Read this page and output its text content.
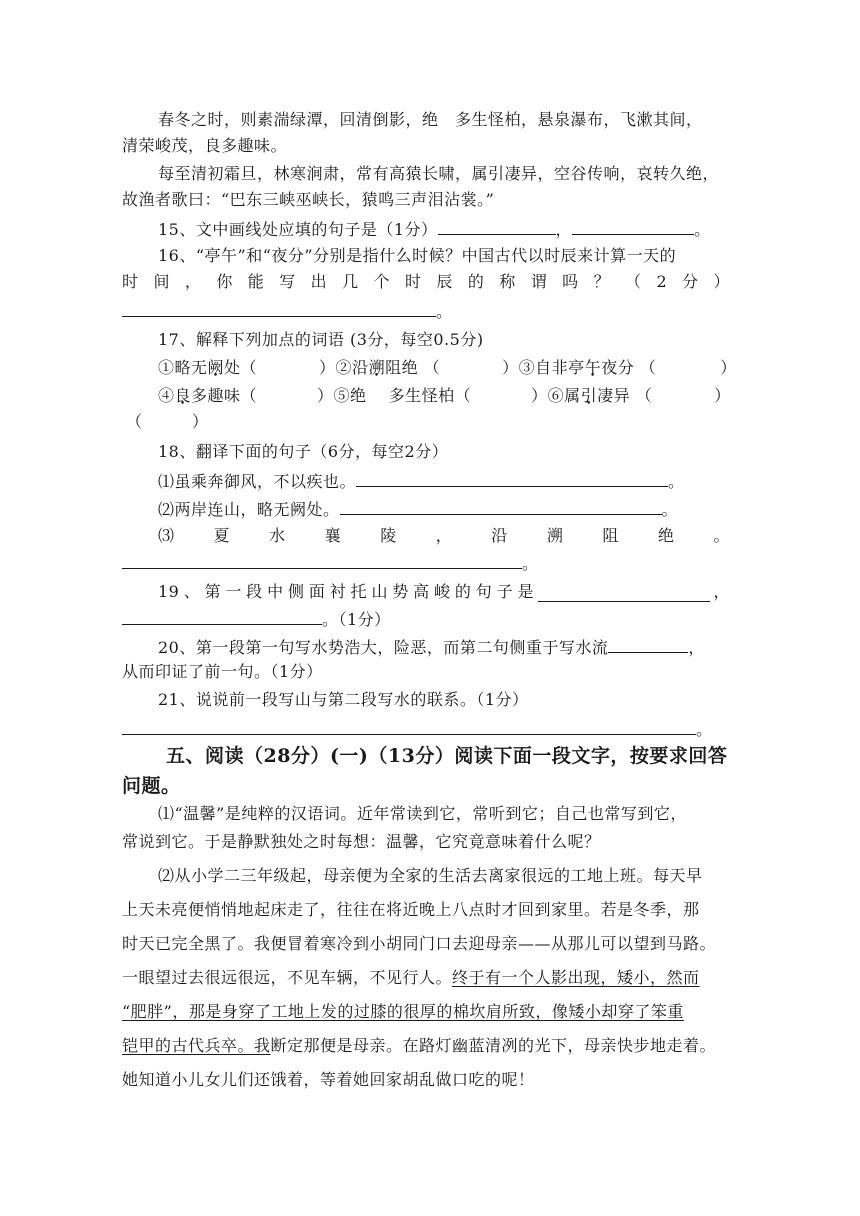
春冬之时，则素湍绿潭，回清倒影，绝　多生怪柏，悬泉瀑布，飞漱其间，
清荣峻茂，良多趣味。
每至清初霜旦，林寒涧肃，常有高猿长啸，属引凄异，空谷传响，哀转久绝，
故渔者歌曰：“巴东三峡巫峡长，猿鸣三声泪沾裳。”
15、文中画线处应填的句子是（1分）	，	。
16、“亭午”和“夜分”分别是指什么时候？中国古代以时辰来计算一天的
时 间 ， 你 能 写 出 几 个 时 辰 的 称 谓 吗 ？ （ 2 分 ）
。
17、解释下列加点的词语 (3分，每空0.5分)
①略无阙处（	）②沿溯阻绝 （	）③自非亭午夜分 （	）
④良多趣味（	）⑤绝　 多生怪柏（	）⑥属引凄异 （	）
（　　　）
18、翻译下面的句子（6分，每空2分）
⑴虽乘奔御风，不以疾也。	。
⑵两岸连山，略无阙处。	。
⑶ 夏 水 襄 陵 ， 沿 溯 阻 绝 。
。
19 、 第 一 段 中 侧 面 衬 托 山 势 高 峻 的 句 子 是	，
。（1分）
20、第一段第一句写水势浩大，险恶，而第二句侧重于写水流	，
从而印证了前一句。（1分）
21、说说前一段写山与第二段写水的联系。（1分）
。
五、阅读（28分）(一)（13分）阅读下面一段文字，按要求回答
问题。
⑴“温馨”是纯粹的汉语词。近年常读到它，常听到它；自己也常写到它，
常说到它。于是静默独处之时每想：温馨，它究竟意味着什么呢？
⑵从小学二三年级起，母亲便为全家的生活去离家很远的工地上班。每天早
上天未亮便悄悄地起床走了，往往在将近晚上八点时才回到家里。若是冬季，那
时天已完全黑了。我便冒着寒冷到小胡同门口去迎母亲——从那儿可以望到马路。
一眼望过去很远很远，不见车辆，不见行人。终于有一个人影出现，矮小，然而
“肥胖”，那是身穿了工地上发的过膝的很厚的棉坎肩所致，像矮小却穿了笨重
铠甲的古代兵卒。我断定那便是母亲。在路灯幽蓝清冽的光下，母亲快步地走着。
她知道小儿女儿们还饿着，等着她回家胡乱做口吃的呢！
